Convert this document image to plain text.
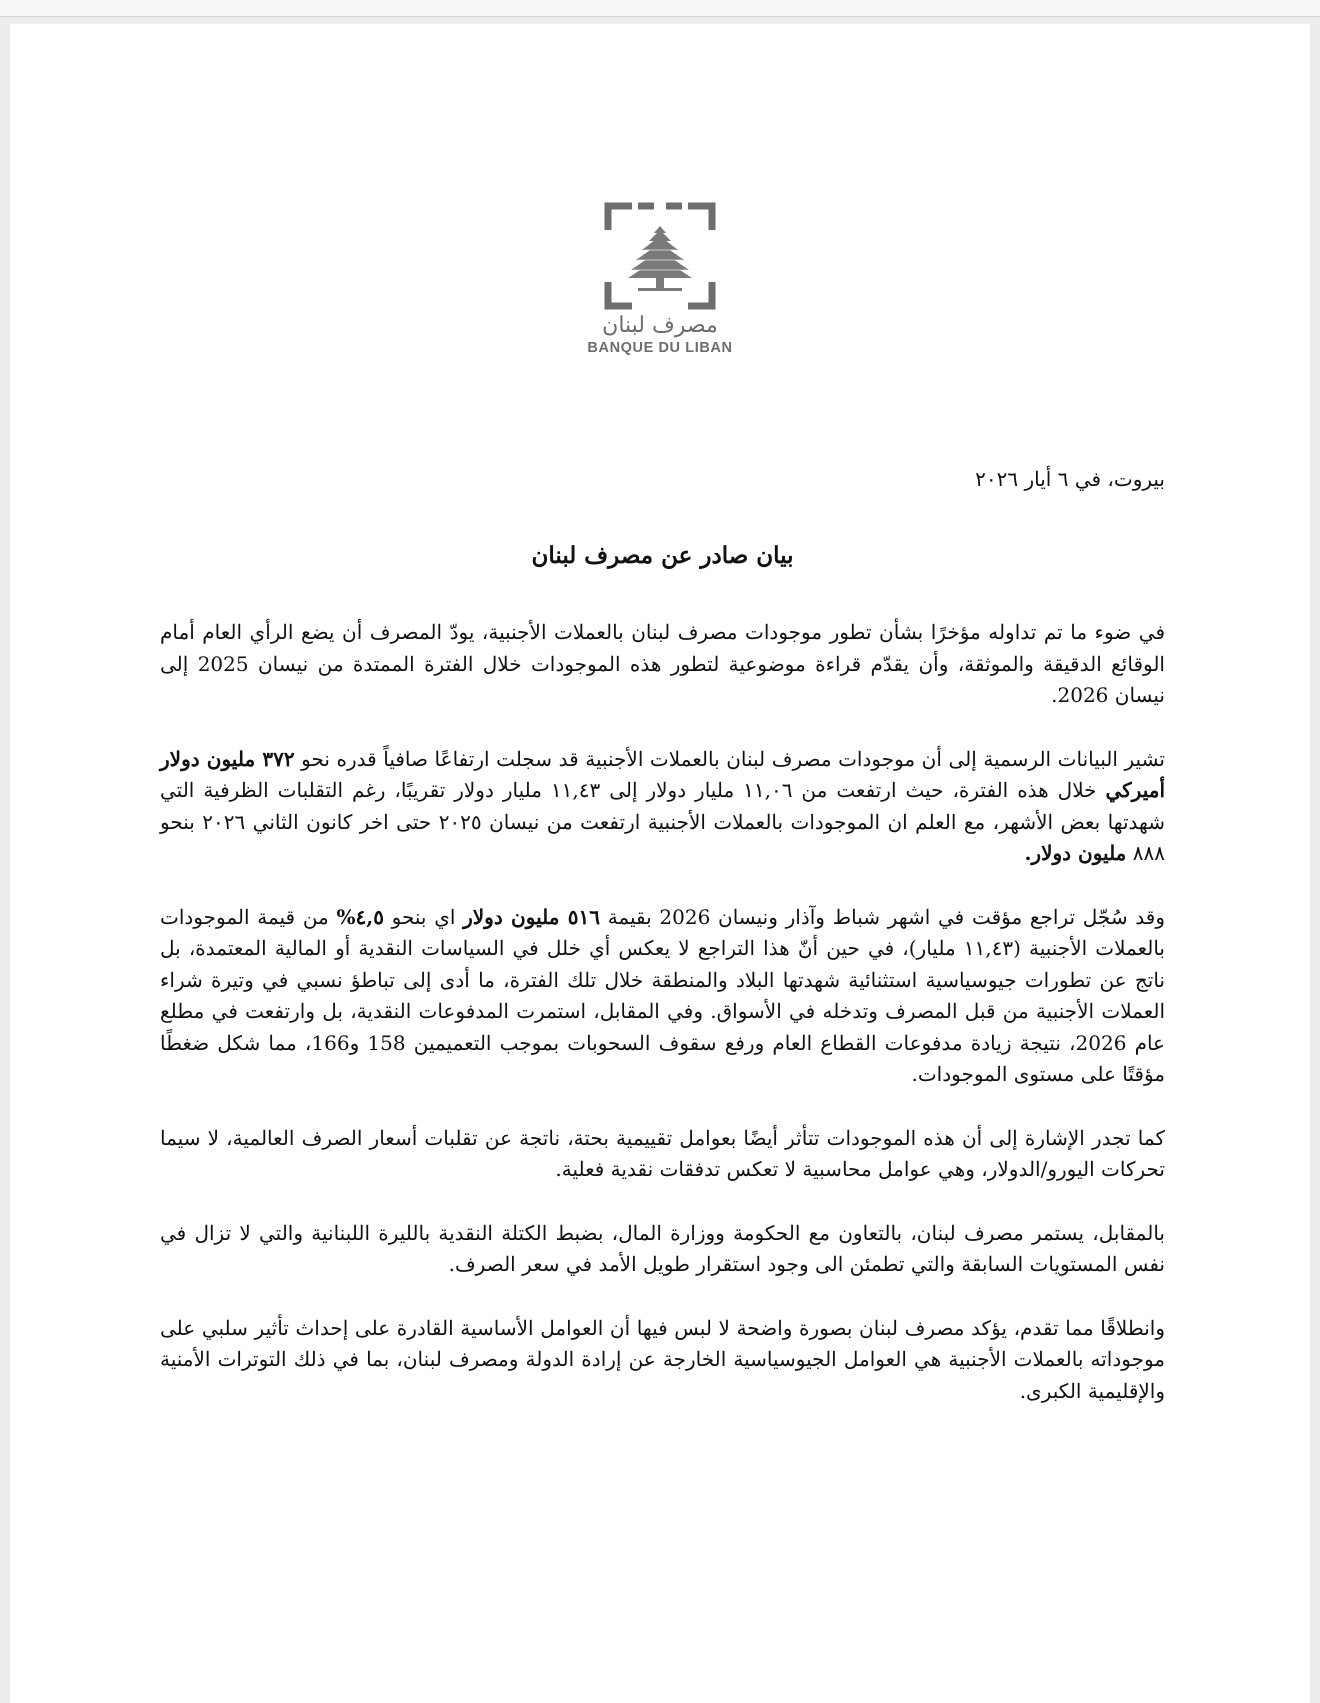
مصرف لبنان
BANQUE DU LIBAN

بيروت، في ٦ أيار ٢٠٢٦

بيان صادر عن مصرف لبنان

في ضوء ما تم تداوله مؤخرًا بشأن تطور موجودات مصرف لبنان بالعملات الأجنبية، يودّ المصرف أن يضع الرأي العام أمام الوقائع الدقيقة والموثقة، وأن يقدّم قراءة موضوعية لتطور هذه الموجودات خلال الفترة الممتدة من نيسان 2025 إلى نيسان 2026.

تشير البيانات الرسمية إلى أن موجودات مصرف لبنان بالعملات الأجنبية قد سجلت ارتفاعًا صافياً قدره نحو ٣٧٢ مليون دولار أميركي خلال هذه الفترة، حيث ارتفعت من ١١,٠٦ مليار دولار إلى ١١,٤٣ مليار دولار تقريبًا، رغم التقلبات الظرفية التي شهدتها بعض الأشهر، مع العلم ان الموجودات بالعملات الأجنبية ارتفعت من نيسان ٢٠٢٥ حتى اخر كانون الثاني ٢٠٢٦ بنحو ٨٨٨ مليون دولار.

وقد سُجّل تراجع مؤقت في اشهر شباط وآذار ونيسان 2026 بقيمة ٥١٦ مليون دولار اي بنحو ٤,٥% من قيمة الموجودات بالعملات الأجنبية (١١,٤٣ مليار)، في حين أنّ هذا التراجع لا يعكس أي خلل في السياسات النقدية أو المالية المعتمدة، بل ناتج عن تطورات جيوسياسية استثنائية شهدتها البلاد والمنطقة خلال تلك الفترة، ما أدى إلى تباطؤ نسبي في وتيرة شراء العملات الأجنبية من قبل المصرف وتدخله في الأسواق. وفي المقابل، استمرت المدفوعات النقدية، بل وارتفعت في مطلع عام 2026، نتيجة زيادة مدفوعات القطاع العام ورفع سقوف السحوبات بموجب التعميمين 158 و166، مما شكل ضغطًا مؤقتًا على مستوى الموجودات.

كما تجدر الإشارة إلى أن هذه الموجودات تتأثر أيضًا بعوامل تقييمية بحتة، ناتجة عن تقلبات أسعار الصرف العالمية، لا سيما تحركات اليورو/الدولار، وهي عوامل محاسبية لا تعكس تدفقات نقدية فعلية.

بالمقابل، يستمر مصرف لبنان، بالتعاون مع الحكومة ووزارة المال، بضبط الكتلة النقدية بالليرة اللبنانية والتي لا تزال في نفس المستويات السابقة والتي تطمئن الى وجود استقرار طويل الأمد في سعر الصرف.

وانطلاقًا مما تقدم، يؤكد مصرف لبنان بصورة واضحة لا لبس فيها أن العوامل الأساسية القادرة على إحداث تأثير سلبي على موجوداته بالعملات الأجنبية هي العوامل الجيوسياسية الخارجة عن إرادة الدولة ومصرف لبنان، بما في ذلك التوترات الأمنية والإقليمية الكبرى.
